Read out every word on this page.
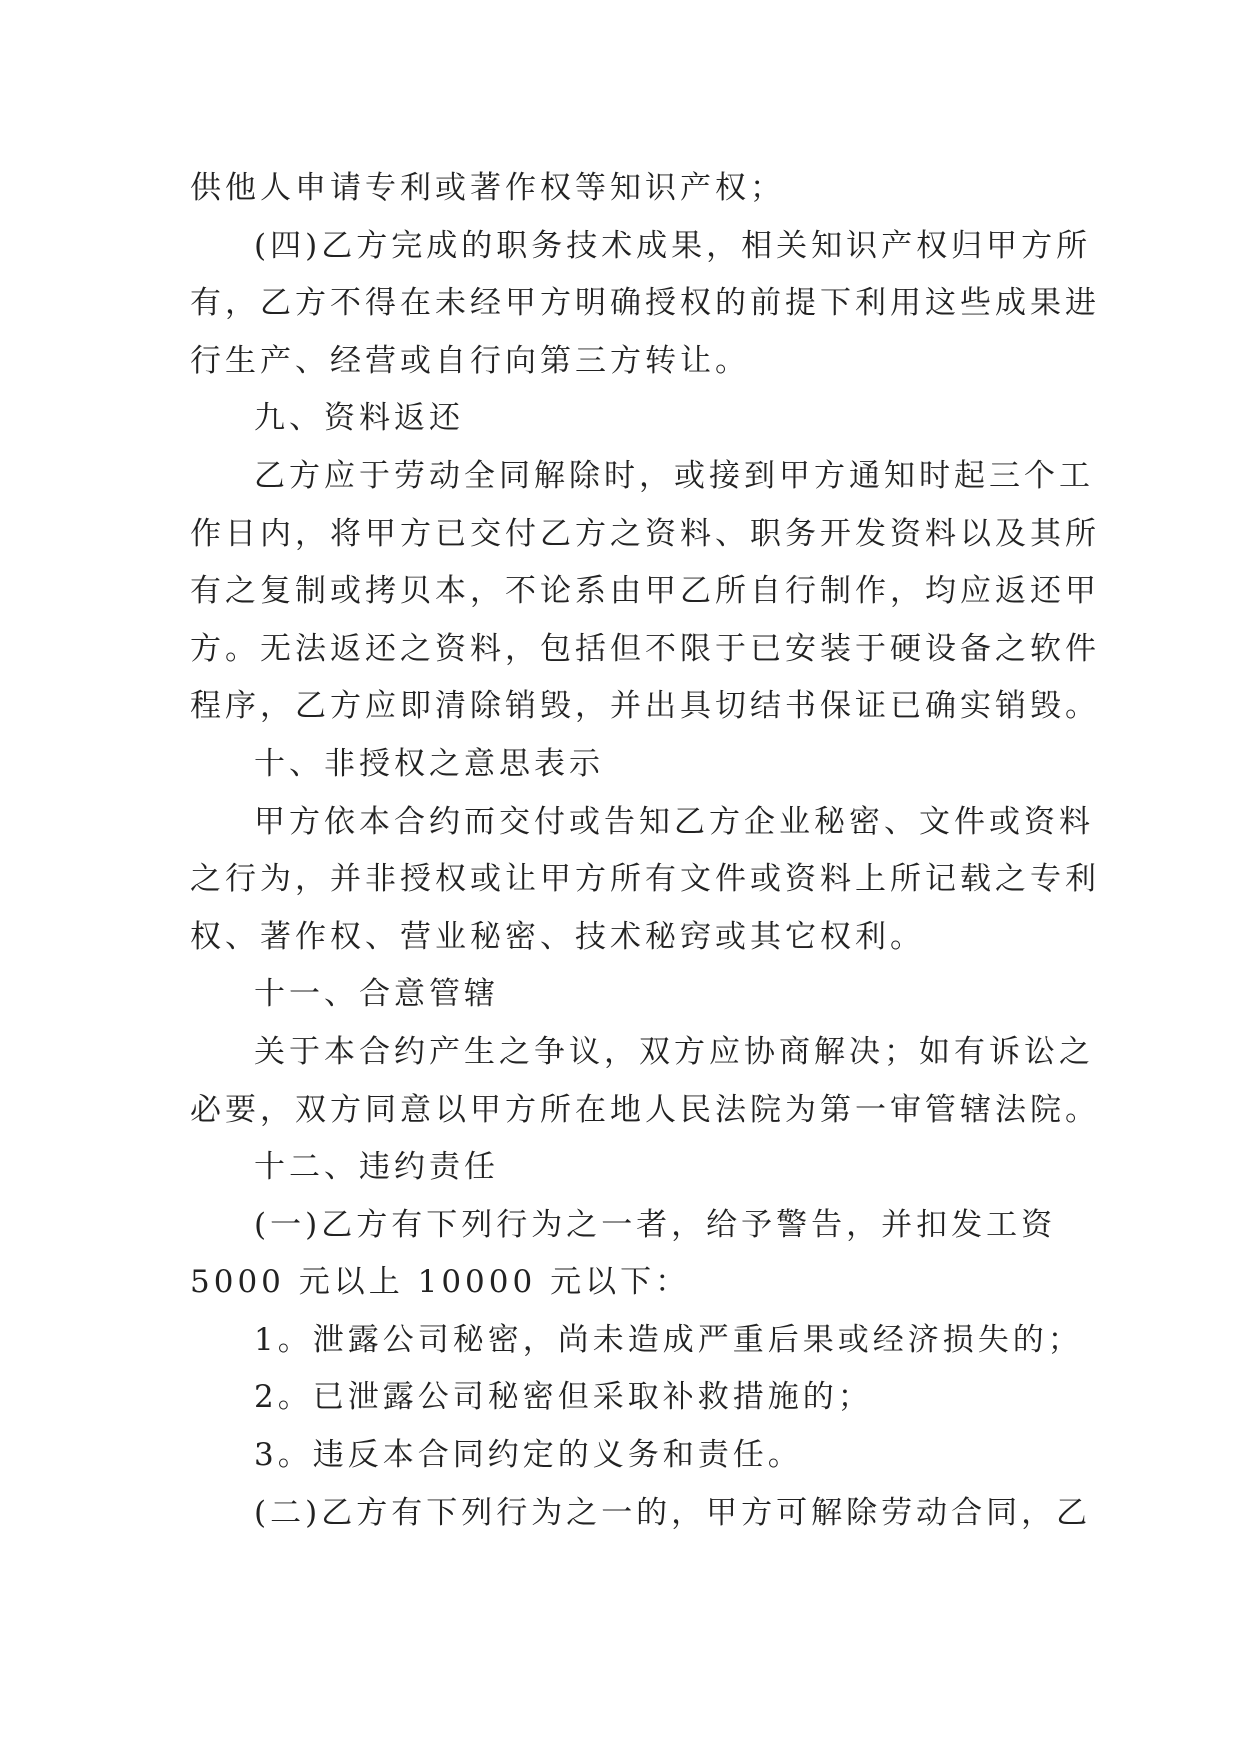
供他人申请专利或著作权等知识产权；
(四)乙方完成的职务技术成果，相关知识产权归甲方所
有，乙方不得在未经甲方明确授权的前提下利用这些成果进
行生产、经营或自行向第三方转让。
九、资料返还
乙方应于劳动全同解除时，或接到甲方通知时起三个工
作日内，将甲方已交付乙方之资料、职务开发资料以及其所
有之复制或拷贝本，不论系由甲乙所自行制作，均应返还甲
方。无法返还之资料，包括但不限于已安装于硬设备之软件
程序，乙方应即清除销毁，并出具切结书保证已确实销毁。
十、非授权之意思表示
甲方依本合约而交付或告知乙方企业秘密、文件或资料
之行为，并非授权或让甲方所有文件或资料上所记载之专利
权、著作权、营业秘密、技术秘窍或其它权利。
十一、合意管辖
关于本合约产生之争议，双方应协商解决；如有诉讼之
必要，双方同意以甲方所在地人民法院为第一审管辖法院。
十二、违约责任
(一)乙方有下列行为之一者，给予警告，并扣发工资
5000 元以上 10000 元以下：
1。泄露公司秘密，尚未造成严重后果或经济损失的；
2。已泄露公司秘密但采取补救措施的；
3。违反本合同约定的义务和责任。
(二)乙方有下列行为之一的，甲方可解除劳动合同，乙
